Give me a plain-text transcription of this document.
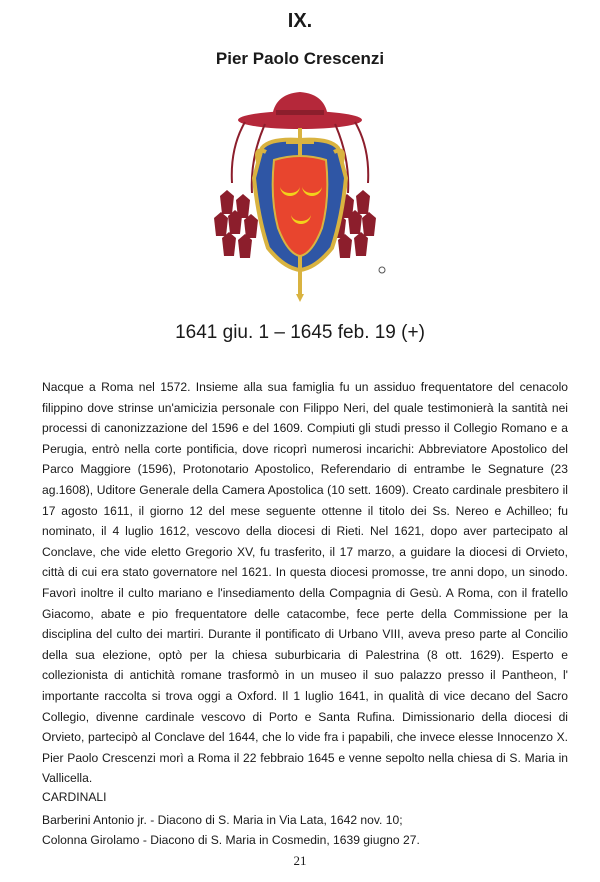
IX.
Pier Paolo Crescenzi
1641 giu. 1 – 1645 feb. 19 (+)

Nacque a Roma nel 1572. Insieme alla sua famiglia fu un assiduo frequentatore del cenacolo filippino dove strinse un'amicizia personale con Filippo Neri, del quale testimonierà la santità nei processi di canonizzazione del 1596 e del 1609. Compiuti gli studi presso il Collegio Romano e a Perugia, entrò nella corte pontificia, dove ricoprì numerosi incarichi: Abbreviatore Apostolico del Parco Maggiore (1596), Protonotario Apostolico, Referendario di entrambe le Segnature (23 ag.1608), Uditore Generale della Camera Apostolica (10 sett. 1609). Creato cardinale presbitero il 17 agosto 1611, il giorno 12 del mese seguente ottenne il titolo dei Ss. Nereo e Achilleo; fu nominato, il 4 luglio 1612, vescovo della diocesi di Rieti. Nel 1621, dopo aver partecipato al Conclave, che vide eletto Gregorio XV, fu trasferito, il 17 marzo, a guidare la diocesi di Orvieto, città di cui era stato governatore nel 1621. In questa diocesi promosse, tre anni dopo, un sinodo. Favorì inoltre il culto mariano e l'insediamento della Compagnia di Gesù. A Roma, con il fratello Giacomo, abate e pio frequentatore delle catacombe, fece perte della Commissione per la disciplina del culto dei martiri. Durante il pontificato di Urbano VIII, aveva preso parte al Concilio della sua elezione, optò per la chiesa suburbicaria di Palestrina (8 ott. 1629). Esperto e collezionista di antichità romane trasformò in un museo il suo palazzo presso il Pantheon, l' importante raccolta si trova oggi a Oxford. Il 1 luglio 1641, in qualità di vice decano del Sacro Collegio, divenne cardinale vescovo di Porto e Santa Rufina. Dimissionario della diocesi di Orvieto, partecipò al Conclave del 1644, che lo vide fra i papabili, che invece elesse Innocenzo X. Pier Paolo Crescenzi morì a Roma il 22 febbraio 1645 e venne sepolto nella chiesa di S. Maria in Vallicella.

CARDINALI
Barberini Antonio jr. - Diacono di S. Maria in Via Lata, 1642 nov. 10;
Colonna Girolamo - Diacono di S. Maria in Cosmedin, 1639 giugno 27.
21
